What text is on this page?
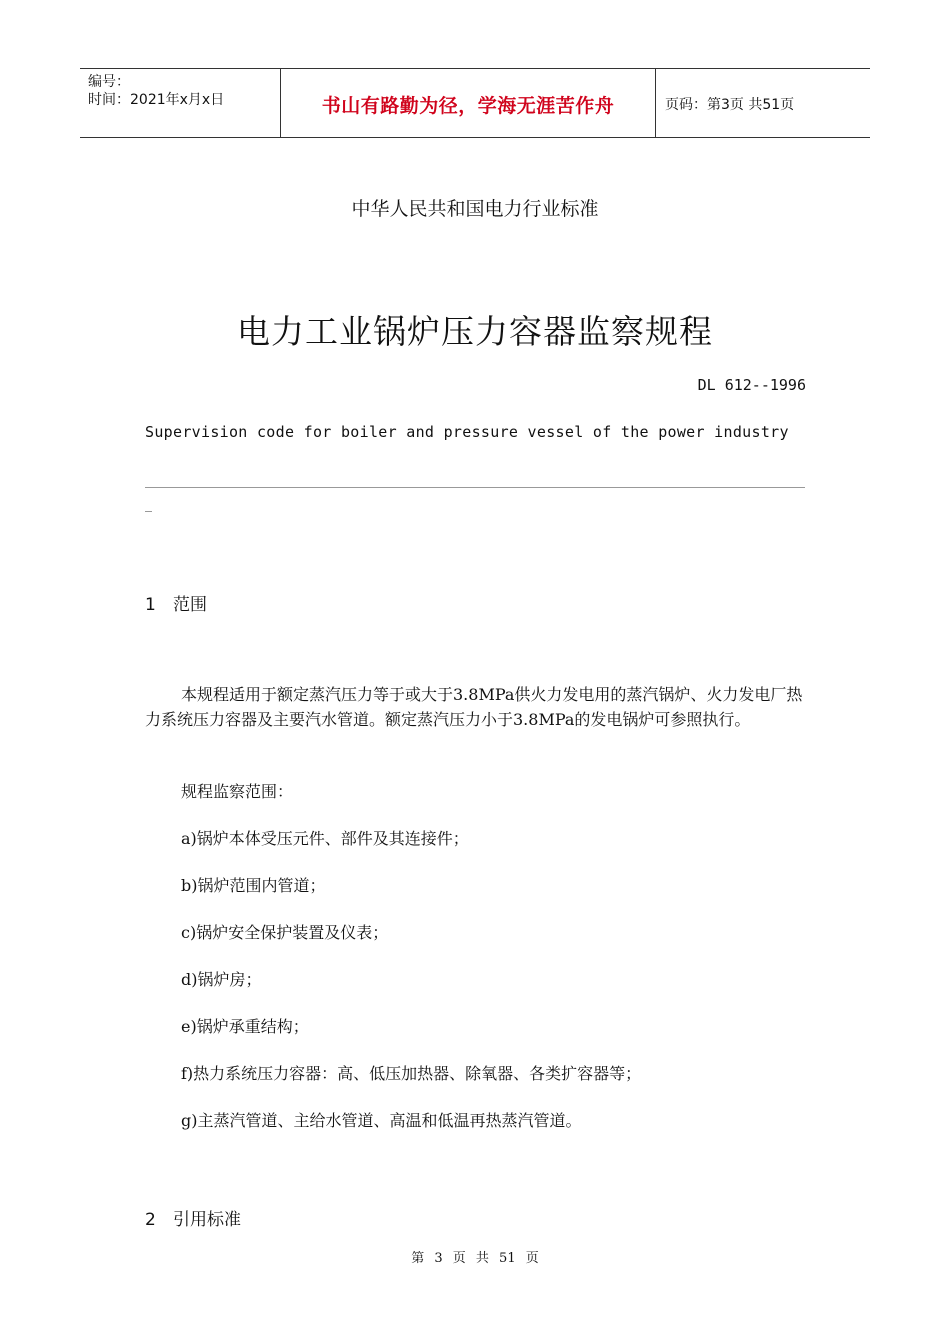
编号：
时间：2021年x月x日	书山有路勤为径，学海无涯苦作舟	页码：第3页 共51页
中华人民共和国电力行业标准
电力工业锅炉压力容器监察规程
DL 612--1996
Supervision code for boiler and pressure vessel of the power industry
1 范围
本规程适用于额定蒸汽压力等于或大于3.8MPa供火力发电用的蒸汽锅炉、火力发电厂热力系统压力容器及主要汽水管道。额定蒸汽压力小于3.8MPa的发电锅炉可参照执行。
规程监察范围：
a)锅炉本体受压元件、部件及其连接件；
b)锅炉范围内管道；
c)锅炉安全保护装置及仪表；
d)锅炉房；
e)锅炉承重结构；
f)热力系统压力容器：高、低压加热器、除氧器、各类扩容器等；
g)主蒸汽管道、主给水管道、高温和低温再热蒸汽管道。
2 引用标准
第 3 页 共 51 页
